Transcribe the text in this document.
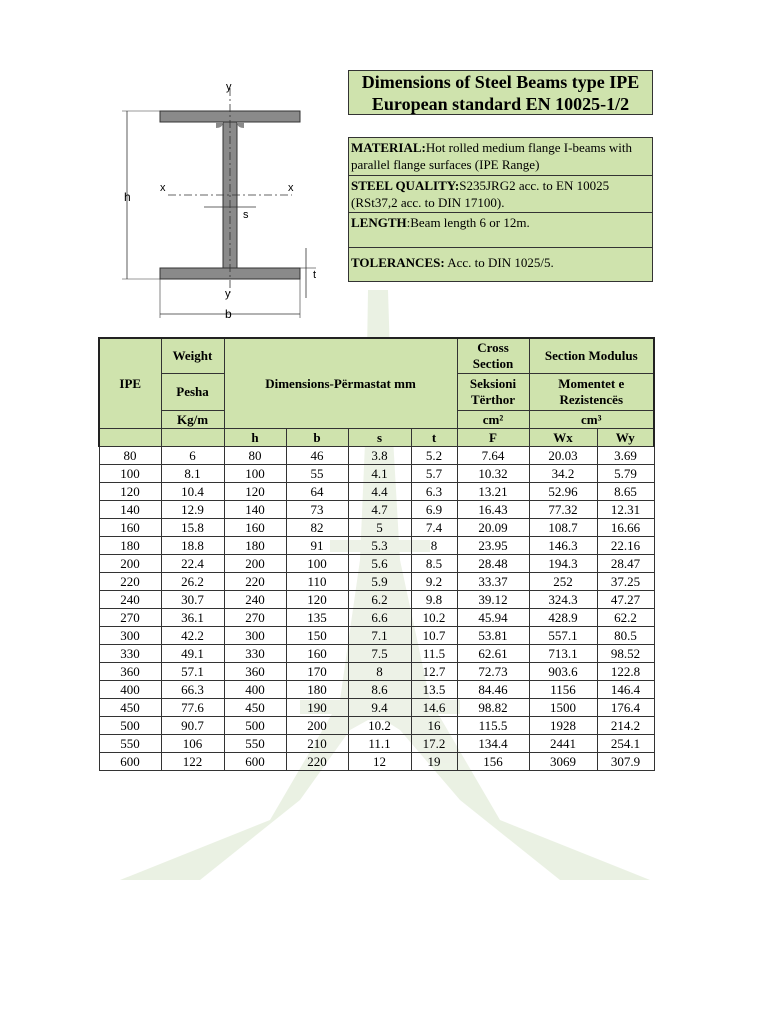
y
y
x	x
h
s
t
b
Dimensions of Steel Beams type IPE
European standard EN 10025-1/2
MATERIAL:Hot rolled medium flange I-beams with parallel flange surfaces (IPE Range)
STEEL QUALITY:S235JRG2 acc. to EN 10025 (RSt37,2 acc. to DIN 17100).
LENGTH:Beam length 6 or 12m.
TOLERANCES: Acc. to DIN 1025/5.
IPE	Weight	Dimensions-Përmastat mm				Cross Section	Section Modulus	
	Pesha					Seksioni Tërthor	Momentet e Rezistencës	
	Kg/m					cm²	cm³	
		h	b	s	t	F	Wx	Wy
80	6	80	46	3.8	5.2	7.64	20.03	3.69
100	8.1	100	55	4.1	5.7	10.32	34.2	5.79
120	10.4	120	64	4.4	6.3	13.21	52.96	8.65
140	12.9	140	73	4.7	6.9	16.43	77.32	12.31
160	15.8	160	82	5	7.4	20.09	108.7	16.66
180	18.8	180	91	5.3	8	23.95	146.3	22.16
200	22.4	200	100	5.6	8.5	28.48	194.3	28.47
220	26.2	220	110	5.9	9.2	33.37	252	37.25
240	30.7	240	120	6.2	9.8	39.12	324.3	47.27
270	36.1	270	135	6.6	10.2	45.94	428.9	62.2
300	42.2	300	150	7.1	10.7	53.81	557.1	80.5
330	49.1	330	160	7.5	11.5	62.61	713.1	98.52
360	57.1	360	170	8	12.7	72.73	903.6	122.8
400	66.3	400	180	8.6	13.5	84.46	1156	146.4
450	77.6	450	190	9.4	14.6	98.82	1500	176.4
500	90.7	500	200	10.2	16	115.5	1928	214.2
550	106	550	210	11.1	17.2	134.4	2441	254.1
600	122	600	220	12	19	156	3069	307.9
